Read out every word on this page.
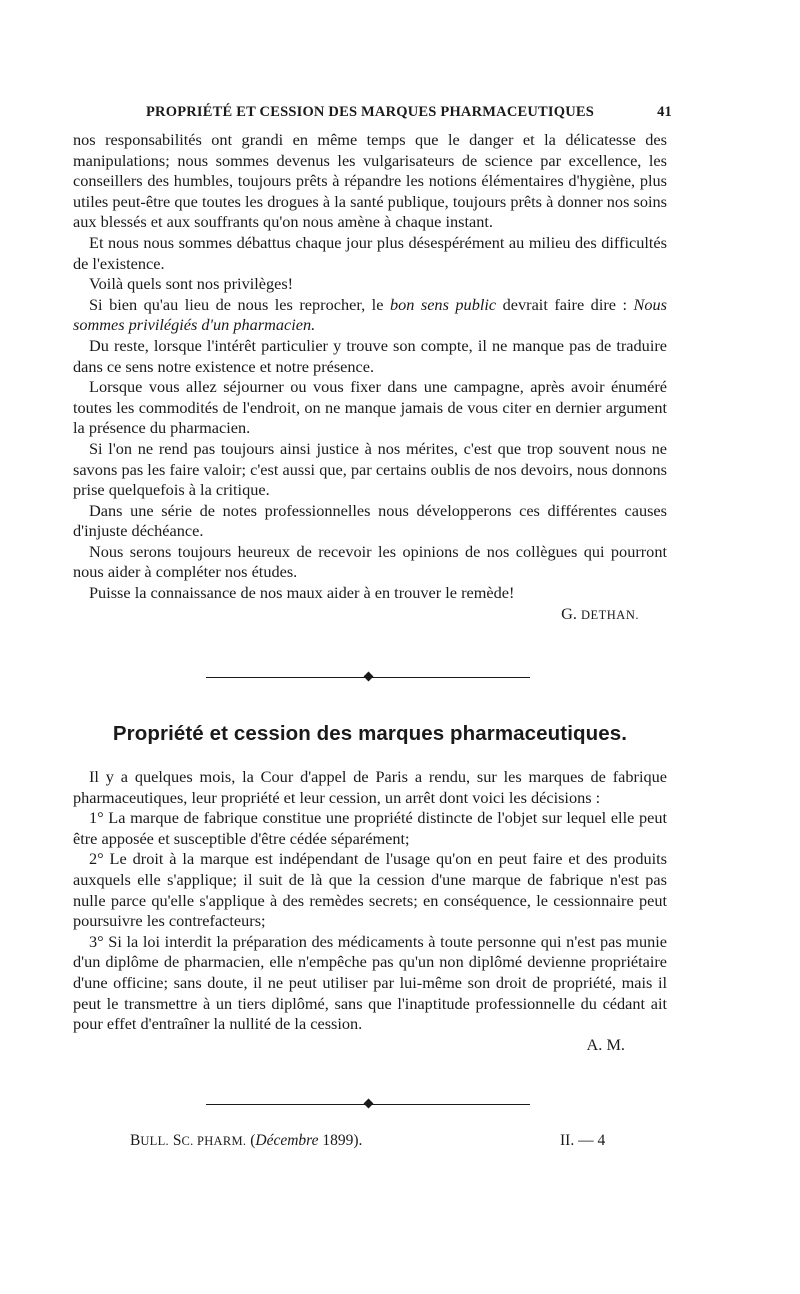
PROPRIÉTÉ ET CESSION DES MARQUES PHARMACEUTIQUES	41

nos responsabilités ont grandi en même temps que le danger et la délicatesse des manipulations; nous sommes devenus les vulgarisateurs de science par excellence, les conseillers des humbles, toujours prêts à répandre les notions élémentaires d'hygiène, plus utiles peut-être que toutes les drogues à la santé publique, toujours prêts à donner nos soins aux blessés et aux souffrants qu'on nous amène à chaque instant.

Et nous nous sommes débattus chaque jour plus désespérément au milieu des difficultés de l'existence.

Voilà quels sont nos privilèges!

Si bien qu'au lieu de nous les reprocher, le bon sens public devrait faire dire : Nous sommes privilégiés d'un pharmacien.

Du reste, lorsque l'intérêt particulier y trouve son compte, il ne manque pas de traduire dans ce sens notre existence et notre présence.

Lorsque vous allez séjourner ou vous fixer dans une campagne, après avoir énuméré toutes les commodités de l'endroit, on ne manque jamais de vous citer en dernier argument la présence du pharmacien.

Si l'on ne rend pas toujours ainsi justice à nos mérites, c'est que trop souvent nous ne savons pas les faire valoir; c'est aussi que, par certains oublis de nos devoirs, nous donnons prise quelquefois à la critique.

Dans une série de notes professionnelles nous développerons ces différentes causes d'injuste déchéance.

Nous serons toujours heureux de recevoir les opinions de nos collègues qui pourront nous aider à compléter nos études.

Puisse la connaissance de nos maux aider à en trouver le remède!

G. DETHAN.

Propriété et cession des marques pharmaceutiques.

Il y a quelques mois, la Cour d'appel de Paris a rendu, sur les marques de fabrique pharmaceutiques, leur propriété et leur cession, un arrêt dont voici les décisions :

1° La marque de fabrique constitue une propriété distincte de l'objet sur lequel elle peut être apposée et susceptible d'être cédée séparément;

2° Le droit à la marque est indépendant de l'usage qu'on en peut faire et des produits auxquels elle s'applique; il suit de là que la cession d'une marque de fabrique n'est pas nulle parce qu'elle s'applique à des remèdes secrets; en conséquence, le cessionnaire peut poursuivre les contrefacteurs;

3° Si la loi interdit la préparation des médicaments à toute personne qui n'est pas munie d'un diplôme de pharmacien, elle n'empêche pas qu'un non diplômé devienne propriétaire d'une officine; sans doute, il ne peut utiliser par lui-même son droit de propriété, mais il peut le transmettre à un tiers diplômé, sans que l'inaptitude professionnelle du cédant ait pour effet d'entraîner la nullité de la cession.

A. M.

BULL. SC. PHARM. (Décembre 1899).	II. — 4
